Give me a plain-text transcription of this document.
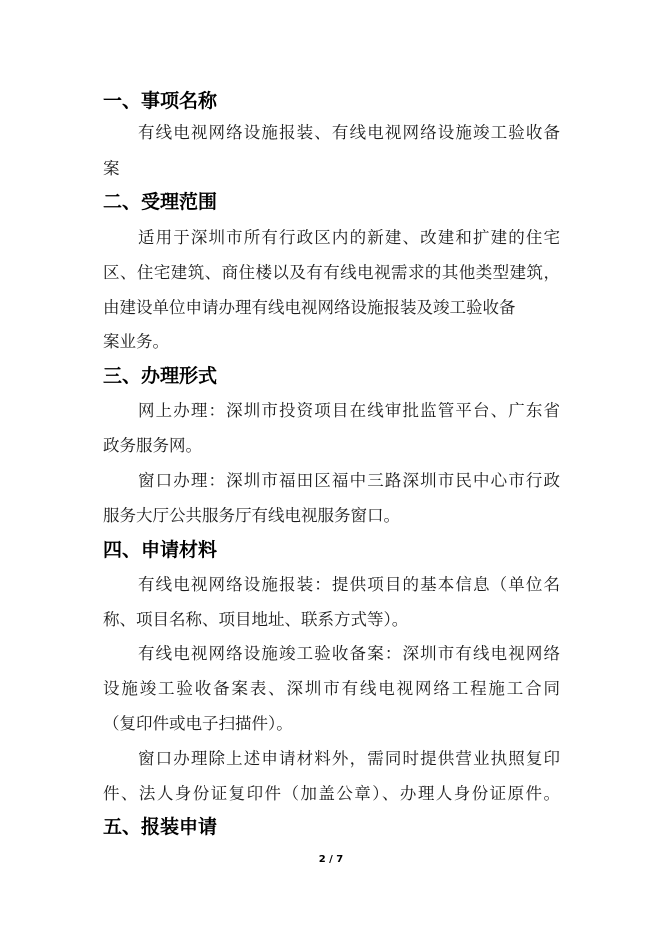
一、事项名称
有线电视网络设施报装、有线电视网络设施竣工验收备
案
二、受理范围
适用于深圳市所有行政区内的新建、改建和扩建的住宅
区、住宅建筑、商住楼以及有有线电视需求的其他类型建筑，
由建设单位申请办理有线电视网络设施报装及竣工验收备
案业务。
三、办理形式
网上办理：深圳市投资项目在线审批监管平台、广东省
政务服务网。
窗口办理：深圳市福田区福中三路深圳市民中心市行政
服务大厅公共服务厅有线电视服务窗口。
四、申请材料
有线电视网络设施报装：提供项目的基本信息（单位名
称、项目名称、项目地址、联系方式等）。
有线电视网络设施竣工验收备案：深圳市有线电视网络
设施竣工验收备案表、深圳市有线电视网络工程施工合同
（复印件或电子扫描件）。
窗口办理除上述申请材料外，需同时提供营业执照复印
件、法人身份证复印件（加盖公章）、办理人身份证原件。
五、报装申请
2 / 7
